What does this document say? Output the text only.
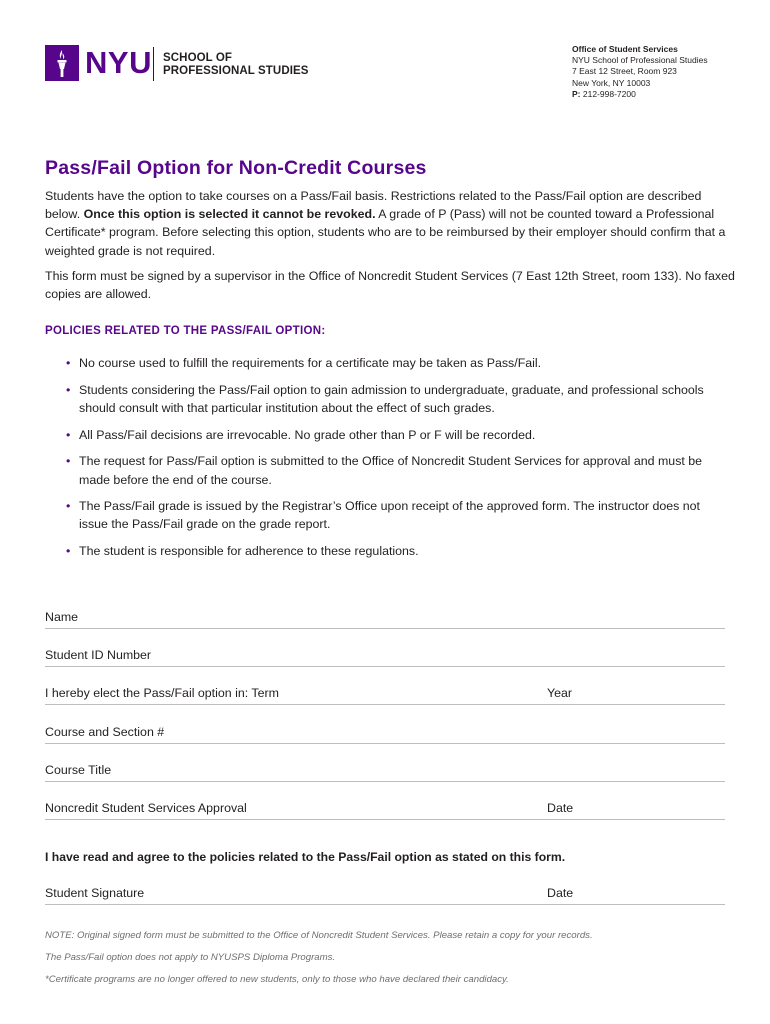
NYU SCHOOL OF
PROFESSIONAL STUDIES
Office of Student Services
NYU School of Professional Studies
7 East 12 Street, Room 923
New York, NY 10003
P: 212-998-7200
Pass/Fail Option for Non-Credit Courses

Students have the option to take courses on a Pass/Fail basis. Restrictions related to the Pass/Fail option are described below. Once this option is selected it cannot be revoked. A grade of P (Pass) will not be counted toward a Professional Certificate* program. Before selecting this option, students who are to be reimbursed by their employer should confirm that a weighted grade is not required.

This form must be signed by a supervisor in the Office of Noncredit Student Services (7 East 12th Street, room 133). No faxed copies are allowed.

POLICIES RELATED TO THE PASS/FAIL OPTION:
• No course used to fulfill the requirements for a certificate may be taken as Pass/Fail.
• Students considering the Pass/Fail option to gain admission to undergraduate, graduate, and professional schools should consult with that particular institution about the effect of such grades.
• All Pass/Fail decisions are irrevocable. No grade other than P or F will be recorded.
• The request for Pass/Fail option is submitted to the Office of Noncredit Student Services for approval and must be made before the end of the course.
• The Pass/Fail grade is issued by the Registrar’s Office upon receipt of the approved form. The instructor does not issue the Pass/Fail grade on the grade report.
• The student is responsible for adherence to these regulations.
Name
Student ID Number
I hereby elect the Pass/Fail option in: Term	Year
Course and Section #
Course Title
Noncredit Student Services Approval	Date

I have read and agree to the policies related to the Pass/Fail option as stated on this form.

Student Signature	Date

NOTE: Original signed form must be submitted to the Office of Noncredit Student Services. Please retain a copy for your records.

The Pass/Fail option does not apply to NYUSPS Diploma Programs.

*Certificate programs are no longer offered to new students, only to those who have declared their candidacy.
